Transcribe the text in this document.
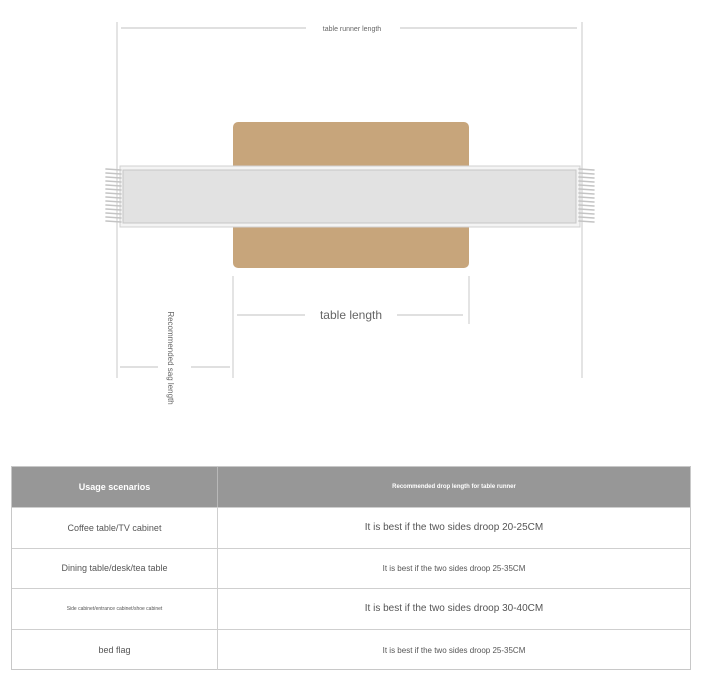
table runner length
table length
Recommended sag length
Usage scenarios	Recommended drop length for table runner
Coffee table/TV cabinet	It is best if the two sides droop 20-25CM
Dining table/desk/tea table	It is best if the two sides droop 25-35CM
Side cabinet/entrance cabinet/shoe cabinet	It is best if the two sides droop 30-40CM
bed flag	It is best if the two sides droop 25-35CM
